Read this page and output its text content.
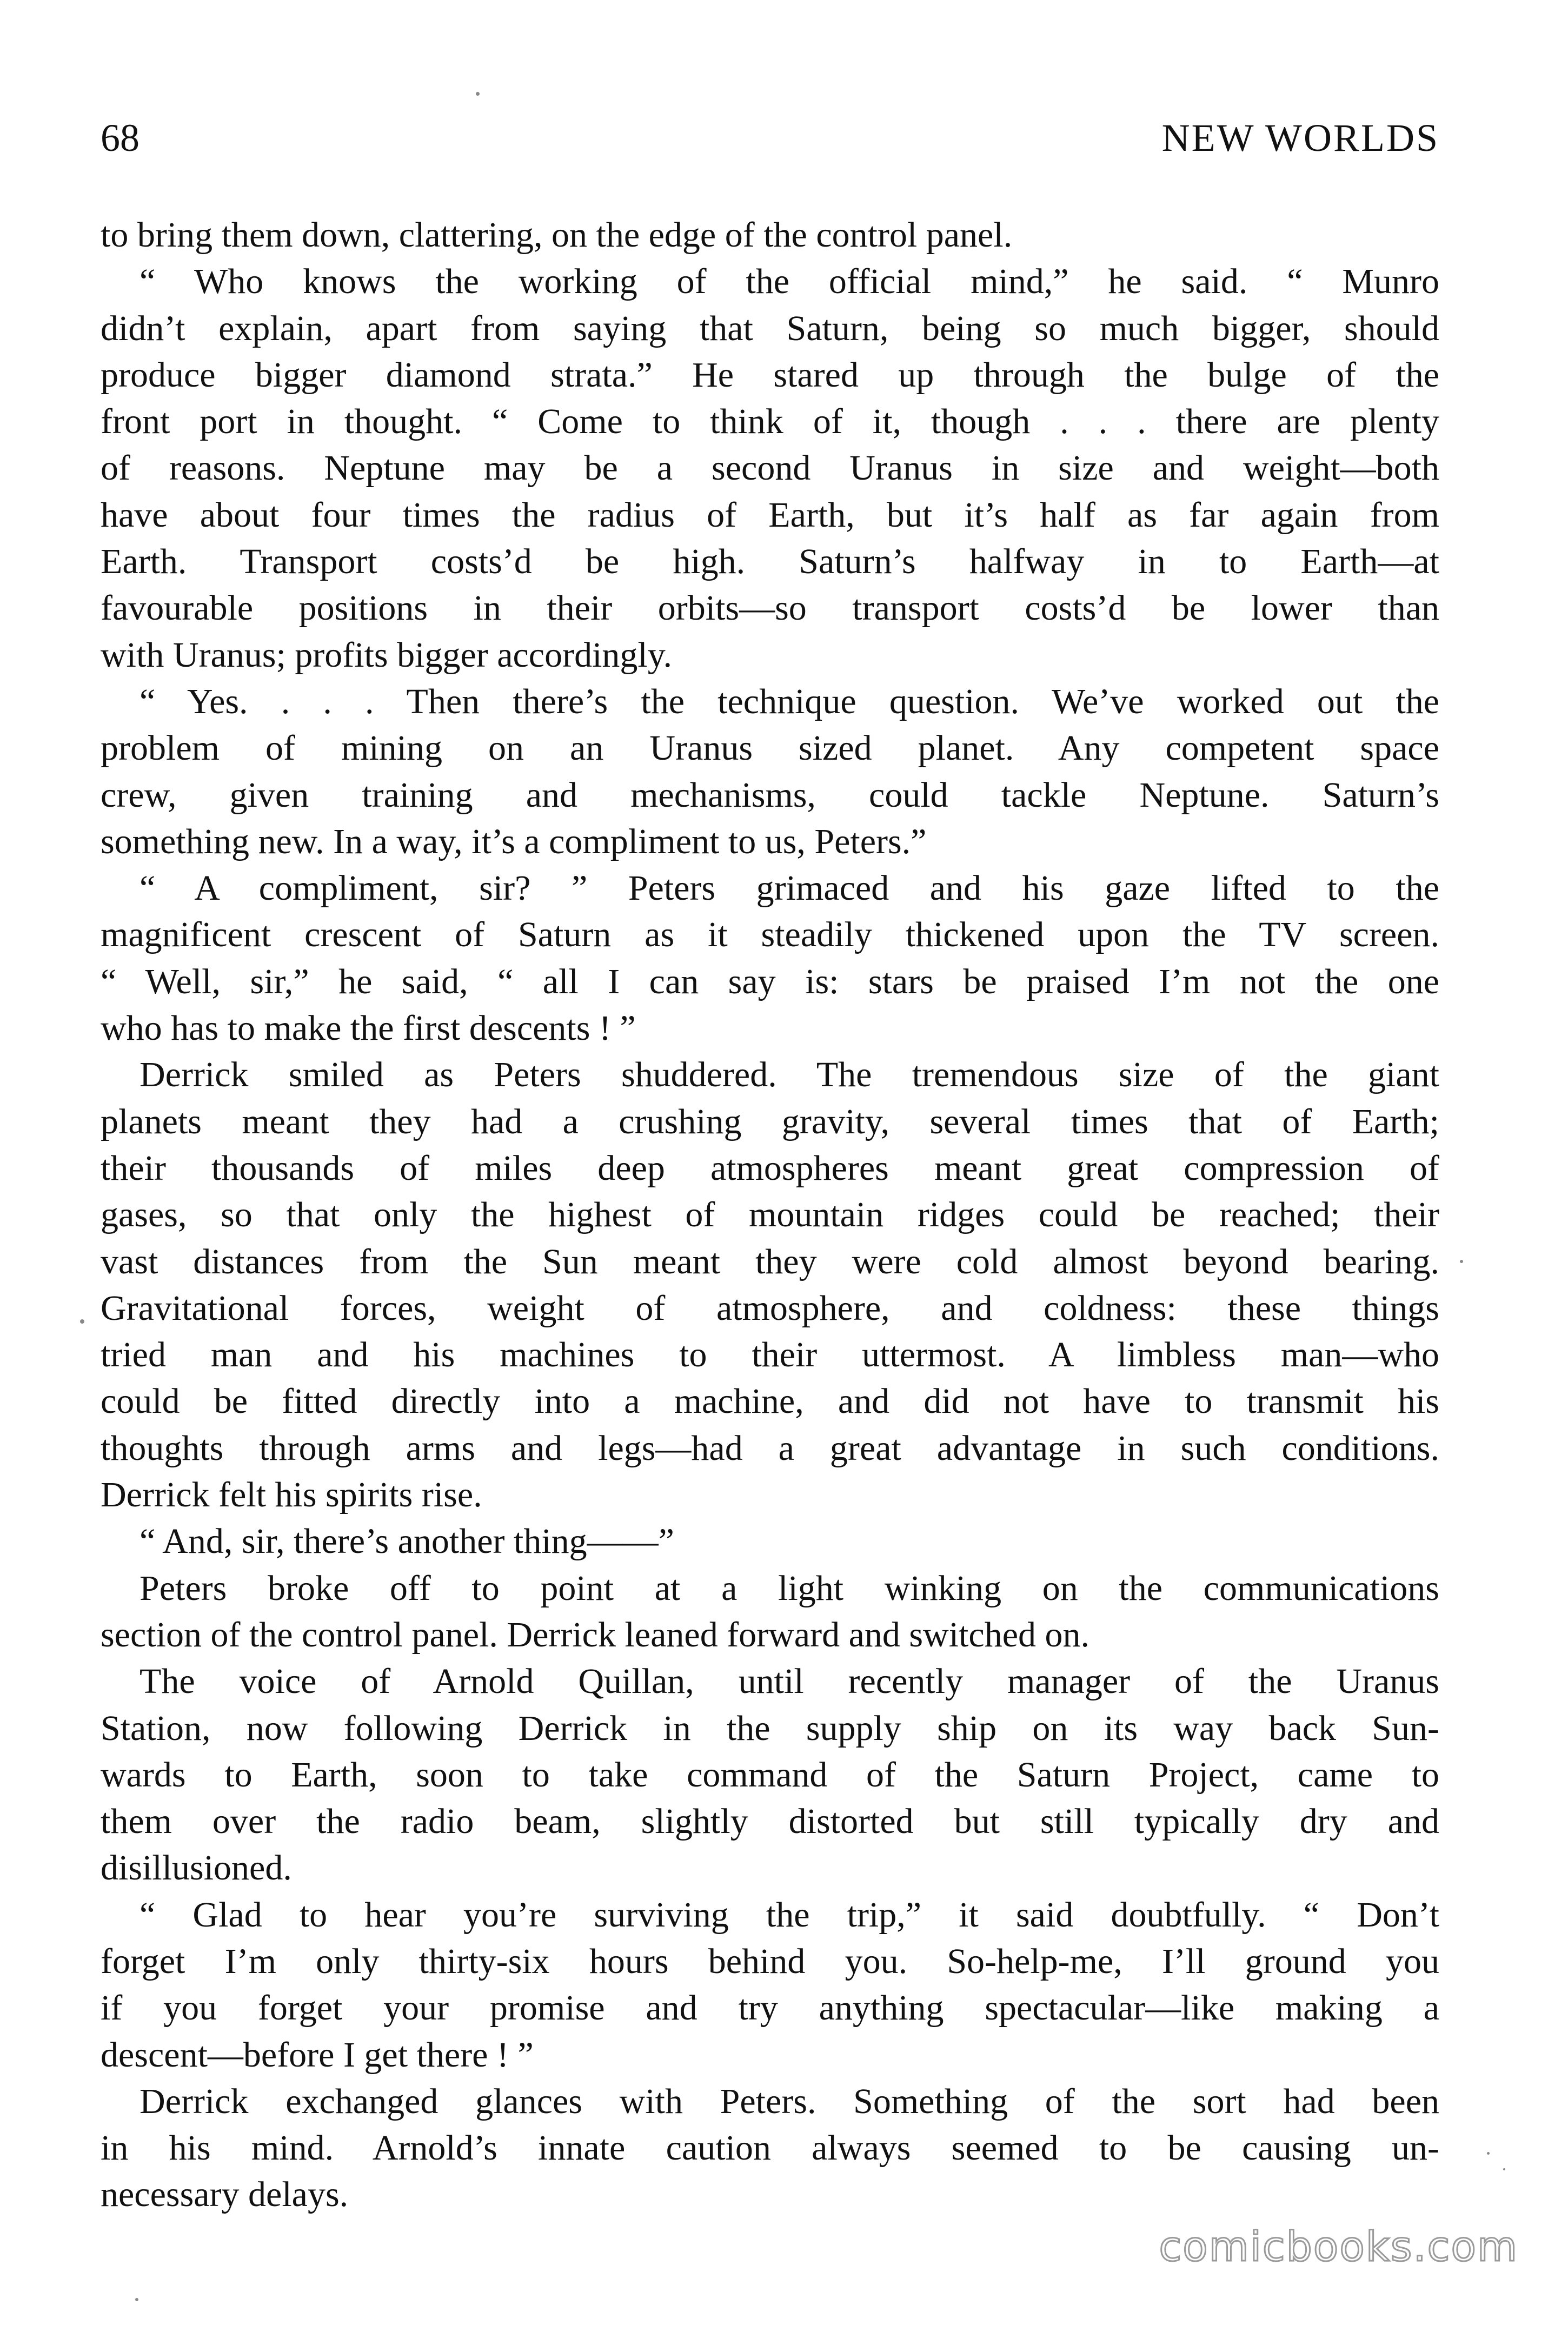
68	NEW WORLDS
to bring them down, clattering, on the edge of the control panel.
“ Who knows the working of the official mind,” he said. “ Munro
didn’t explain, apart from saying that Saturn, being so much bigger, should
produce bigger diamond strata.” He stared up through the bulge of the
front port in thought. “ Come to think of it, though . . . there are plenty
of reasons. Neptune may be a second Uranus in size and weight—both
have about four times the radius of Earth, but it’s half as far again from
Earth. Transport costs’d be high. Saturn’s halfway in to Earth—at
favourable positions in their orbits—so transport costs’d be lower than
with Uranus; profits bigger accordingly.
“ Yes. . . . Then there’s the technique question. We’ve worked out the
problem of mining on an Uranus sized planet. Any competent space
crew, given training and mechanisms, could tackle Neptune. Saturn’s
something new. In a way, it’s a compliment to us, Peters.”
“ A compliment, sir? ” Peters grimaced and his gaze lifted to the
magnificent crescent of Saturn as it steadily thickened upon the TV screen.
“ Well, sir,” he said, “ all I can say is: stars be praised I’m not the one
who has to make the first descents ! ”
Derrick smiled as Peters shuddered. The tremendous size of the giant
planets meant they had a crushing gravity, several times that of Earth;
their thousands of miles deep atmospheres meant great compression of
gases, so that only the highest of mountain ridges could be reached; their
vast distances from the Sun meant they were cold almost beyond bearing.
Gravitational forces, weight of atmosphere, and coldness: these things
tried man and his machines to their uttermost. A limbless man—who
could be fitted directly into a machine, and did not have to transmit his
thoughts through arms and legs—had a great advantage in such conditions.
Derrick felt his spirits rise.
“ And, sir, there’s another thing——”
Peters broke off to point at a light winking on the communications
section of the control panel. Derrick leaned forward and switched on.
The voice of Arnold Quillan, until recently manager of the Uranus
Station, now following Derrick in the supply ship on its way back Sun-
wards to Earth, soon to take command of the Saturn Project, came to
them over the radio beam, slightly distorted but still typically dry and
disillusioned.
“ Glad to hear you’re surviving the trip,” it said doubtfully. “ Don’t
forget I’m only thirty-six hours behind you. So-help-me, I’ll ground you
if you forget your promise and try anything spectacular—like making a
descent—before I get there ! ”
Derrick exchanged glances with Peters. Something of the sort had been
in his mind. Arnold’s innate caution always seemed to be causing un-
necessary delays.
comicbooks.com
